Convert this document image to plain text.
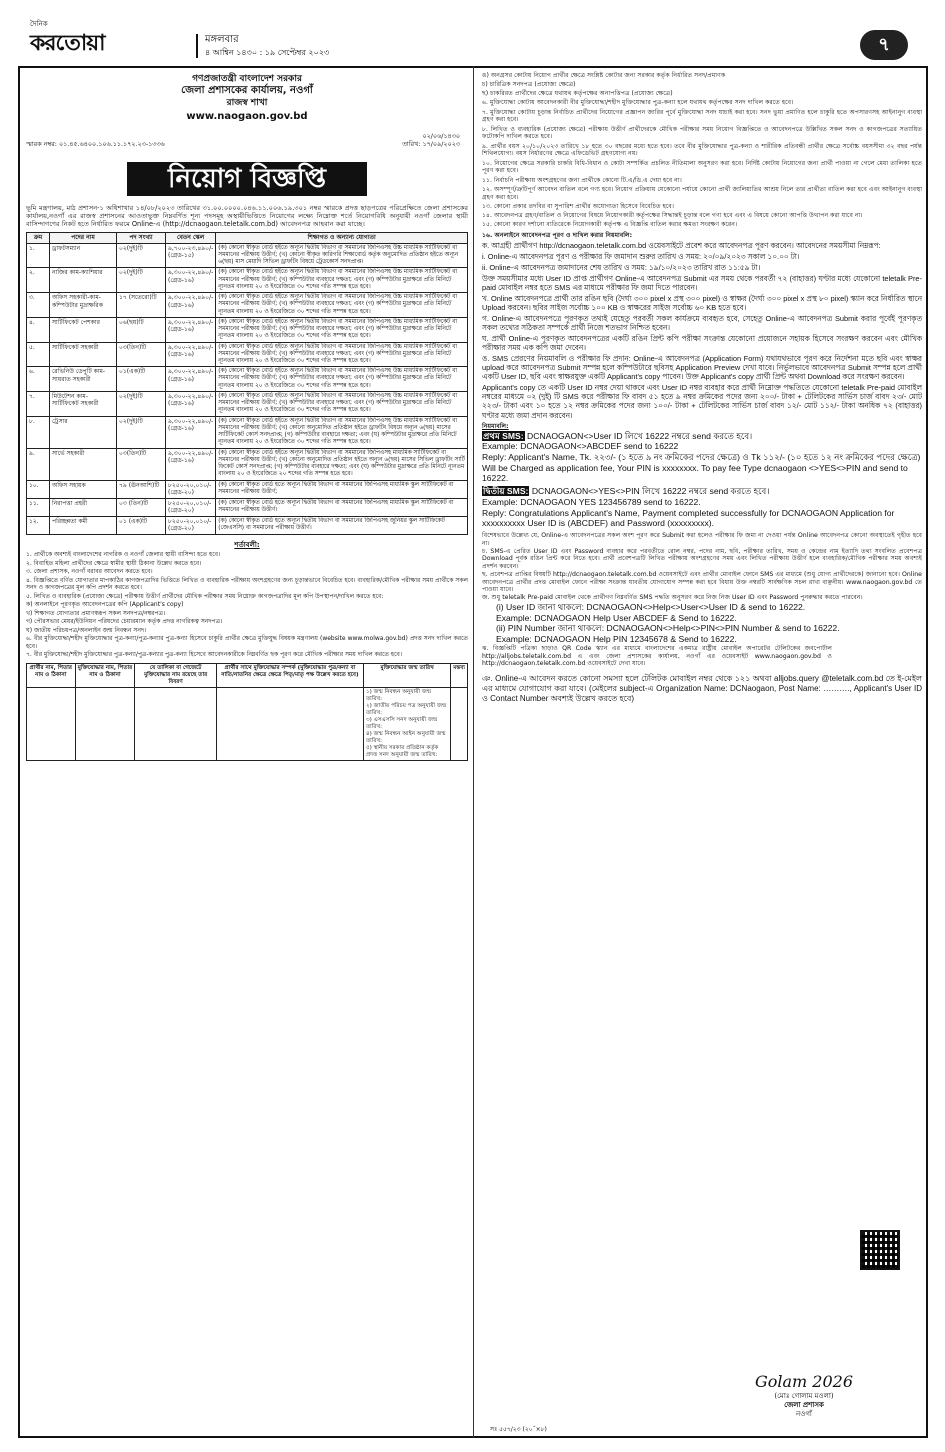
দৈনিক
করতোয়া	মঙ্গলবার
৪ আশ্বিন ১৪৩০ : ১৯ সেপ্টেম্বর ২০২৩	৭
গণপ্রজাতন্ত্রী বাংলাদেশ সরকার
জেলা প্রশাসকের কার্যালয়, নওগাঁ
রাজস্ব শাখা
www.naogaon.gov.bd
স্মারক নম্বর: ০১.৪৫.৬৪০০.১০৬.১১.১৭২.২৩-১৩৩৬
০২/০৬/১৪৩০
তারিখ: ১৭/০৯/২০২৩
নিয়োগ বিজ্ঞপ্তি
ভূমি মন্ত্রণালয়, মাঠ প্রশাসন-১ অধিশাখার ১৪/০৮/২০২৩ তারিখের ৩১.০০.০০০০.০৪৬.১১.০০৬.১৯.৩০১ নম্বর স্মারকে প্রদত্ত ছাড়পত্রের পরিপ্রেক্ষিতে জেলা প্রশাসকের কার্যালয়,নওগাঁ এর রাজস্ব প্রশাসনের আওতাভুক্ত নিম্নবর্ণিত শূন্য পদসমূহ অস্থায়ীভিত্তিতে নিয়োগের লক্ষ্যে নিম্নোক্ত শর্তে নিয়োগবিধি অনুযায়ী নওগাঁ জেলার স্থায়ী বাসিন্দাগণের নিকট হতে নির্ধারিত ফরমে Online-এ (http://dcnaogaon.teletalk.com.bd) আবেদনপত্র আহবান করা যাচ্ছে।
ক্রম	পদের নাম	পদ সংখ্যা	বেতন স্কেল	শিক্ষাগত ও অন্যান্য যোগ্যতা
১.	ড্রাফটসম্যান	০২(দুই)টি	৯,৭০০-২৩,৪৯০/- (গ্রেড-১৫)	(ক) কোনো স্বীকৃত বোর্ড হইতে অন্যূন দ্বিতীয় বিভাগ বা সমমানের জিপিএসহ উচ্চ মাধ্যমিক সার্টিফিকেট বা সমমানের পরীক্ষায় উত্তীর্ণ; (খ) কোনো স্বীকৃত কারিগরি শিক্ষাবোর্ড কর্তৃক অনুমোদিত প্রতিষ্ঠান হইতে অন্যূন ৬(ছয়) মাস মেয়াদি সিভিল ড্রাফটিং বিষয়ে ট্রেডকোর্স সনদপ্রাপ্ত।
২.	নাজির কাম-ক্যাশিয়ার	০২(দুই)টি	৯,৩০০-২২,৪৯০/- (গ্রেড-১৬)	(ক) কোনো স্বীকৃত বোর্ড হইতে অন্যূন দ্বিতীয় বিভাগ বা সমমানের জিপিএসহ উচ্চ মাধ্যমিক সার্টিফিকেট বা সমমানের পরীক্ষায় উত্তীর্ণ; (খ) কম্পিউটার ব্যবহারে দক্ষতা; এবং (গ) কম্পিউটার মুদ্রাক্ষরে প্রতি মিনিটে ন্যূনতম বাংলায় ২০ ও ইংরেজিতে ৩০ শব্দের গতি সম্পন্ন হতে হবে।
৩.	অফিস সহকারী-কাম-কম্পিউটার মুদ্রাক্ষরিক	১৭ (সতেরো)টি	৯,৩০০-২২,৪৯০/- (গ্রেড-১৬)	(ক) কোনো স্বীকৃত বোর্ড হইতে অন্যূন দ্বিতীয় বিভাগ বা সমমানের জিপিএসহ উচ্চ মাধ্যমিক সার্টিফিকেট বা সমমানের পরীক্ষায় উত্তীর্ণ; (খ) কম্পিউটার ব্যবহারে দক্ষতা; এবং (গ) কম্পিউটার মুদ্রাক্ষরে প্রতি মিনিটে ন্যূনতম বাংলায় ২০ ও ইংরেজিতে ৩০ শব্দের গতি সম্পন্ন হতে হবে।
৪.	সার্টিফিকেট পেশকার	০৬(ছয়)টি	৯,৩০০-২২,৪৯০/- (গ্রেড-১৬)	(ক) কোনো স্বীকৃত বোর্ড হইতে অন্যূন দ্বিতীয় বিভাগ বা সমমানের জিপিএসহ উচ্চ মাধ্যমিক সার্টিফিকেট বা সমমানের পরীক্ষায় উত্তীর্ণ; (খ) কম্পিউটার ব্যবহারে দক্ষতা; এবং (গ) কম্পিউটার মুদ্রাক্ষরে প্রতি মিনিটে ন্যূনতম বাংলায় ২০ ও ইংরেজিতে ৩০ শব্দের গতি সম্পন্ন হতে হবে।
৫.	সার্টিফিকেট সহকারী	০৩(তিন)টি	৯,৩০০-২২,৪৯০/- (গ্রেড-১৬)	(ক) কোনো স্বীকৃত বোর্ড হইতে অন্যূন দ্বিতীয় বিভাগ বা সমমানের জিপিএসহ উচ্চ মাধ্যমিক সার্টিফিকেট বা সমমানের পরীক্ষায় উত্তীর্ণ; (খ) কম্পিউটার ব্যবহারে দক্ষতা; এবং (গ) কম্পিউটার মুদ্রাক্ষরে প্রতি মিনিটে ন্যূনতম বাংলায় ২০ ও ইংরেজিতে ৩০ শব্দের গতি সম্পন্ন হতে হবে।
৬.	রেভিনিউ ডেপুটি কাম-সায়রাত সহকারী	০১(এক)টি	৯,৩০০-২২,৪৯০/- (গ্রেড-১৬)	(ক) কোনো স্বীকৃত বোর্ড হইতে অন্যূন দ্বিতীয় বিভাগ বা সমমানের জিপিএসহ উচ্চ মাধ্যমিক সার্টিফিকেট বা সমমানের পরীক্ষায় উত্তীর্ণ; (খ) কম্পিউটার ব্যবহারে দক্ষতা; এবং (গ) কম্পিউটার মুদ্রাক্ষরে প্রতি মিনিটে ন্যূনতম বাংলায় ২০ ও ইংরেজিতে ৩০ শব্দের গতি সম্পন্ন হতে হবে।
৭.	মিউটেশন কাম-সার্টিফিকেট সহকারী	০২(দুই)টি	৯,৩০০-২২,৪৯০/- (গ্রেড-১৬)	(ক) কোনো স্বীকৃত বোর্ড হইতে অন্যূন দ্বিতীয় বিভাগ বা সমমানের জিপিএসহ উচ্চ মাধ্যমিক সার্টিফিকেট বা সমমানের পরীক্ষায় উত্তীর্ণ; (খ) কম্পিউটার ব্যবহারে দক্ষতা; এবং (গ) কম্পিউটার মুদ্রাক্ষরে প্রতি মিনিটে ন্যূনতম বাংলায় ২০ ও ইংরেজিতে ৩০ শব্দের গতি সম্পন্ন হতে হবে।
৮.	ট্রেসার	০২(দুই)টি	৯,৩০০-২২,৪৯০/- (গ্রেড-১৬)	(ক) কোনো স্বীকৃত বোর্ড হইতে অন্যূন দ্বিতীয় বিভাগ বা সমমানের জিপিএসহ উচ্চ মাধ্যমিক সার্টিফিকেট বা সমমানের পরীক্ষায় উত্তীর্ণ; (খ) কোনো অনুমোদিত প্রতিষ্ঠান হইতে ড্রাফটিং বিষয়ে অন্যূন ৬(ছয়) মাসের সার্টিফিকেট কোর্স সনদপ্রাপ্ত; (গ) কম্পিউটার ব্যবহারে দক্ষতা; এবং (ঘ) কম্পিউটার মুদ্রাক্ষরে প্রতি মিনিটে ন্যূনতম বাংলায় ২০ ও ইংরেজিতে ৩০ শব্দের গতি সম্পন্ন হতে হবে।
৯.	সার্ভে সহকারী	০৩(তিন)টি	৯,৩০০-২২,৪৯০/- (গ্রেড-১৬)	(ক) কোনো স্বীকৃত বোর্ড হইতে অন্যূন দ্বিতীয় বিভাগ বা সমমানের জিপিএসহ মাধ্যমিক সার্টিফিকেট বা সমমানের পরীক্ষায় উত্তীর্ণ; (খ) কোনো অনুমোদিত প্রতিষ্ঠান হইতে অন্যূন ৬(ছয়) মাসের সিভিল ড্রাফটিং সার্টি ফিকেট কোর্স সনদপ্রাপ্ত; (গ) কম্পিউটার ব্যবহারে দক্ষতা; এবং (ঘ) কম্পিউটার মুদ্রাক্ষরে প্রতি মিনিটে ন্যূনতম বাংলায় ২০ ও ইংরেজিতে ২০ শব্দের গতি সম্পন্ন হতে হবে।
১০.	অফিস সহায়ক	৭৯ (ঊনআশি)টি	৮২৫০-২০,০১০/- (গ্রেড-২০)	(ক) কোনো স্বীকৃত বোর্ড হতে অন্যূন দ্বিতীয় বিভাগ বা সমমানের জিপিএসহ মাধ্যমিক স্কুল সার্টিফিকেট বা সমমানের পরীক্ষায় উত্তীর্ণ;
১১.	নিরাপত্তা প্রহরী	০৩ (তিন)টি	৮২৫০-২০,০১০/- (গ্রেড-২০)	(ক) কোনো স্বীকৃত বোর্ড হতে অন্যূন দ্বিতীয় বিভাগ বা সমমানের জিপিএসহ মাধ্যমিক স্কুল সার্টিফিকেট বা সমমানের পরীক্ষায় উত্তীর্ণ।
১২.	পরিচ্ছন্নতা কর্মী	০১ (এক)টি	৮২৫০-২০,০১০/- (গ্রেড-২০)	(ক) কোনো স্বীকৃত বোর্ড হতে অন্যূন দ্বিতীয় বিভাগ বা সমমানের জিপিএসহ জুনিয়র স্কুল সার্টিফিকেট (জেএসসি) বা সমমানের পরীক্ষায় উত্তীর্ণ।
শর্তাবলী:
১. প্রার্থীকে অবশ্যই বাংলাদেশের নাগরিক ও নওগাঁ জেলার স্থায়ী বাসিন্দা হতে হবে।
২. বিবাহিত মহিলা প্রার্থীদের ক্ষেত্রে স্বামীর স্থায়ী ঠিকানা উল্লেখ করতে হবে।
৩. জেলা প্রশাসক, নওগাঁ বরাবর আবেদন করতে হবে।
৪. বিজ্ঞপ্তিতে বর্ণিত যোগ্যতার মাপকাঠির কাগজপত্রাদির ভিত্তিতে লিখিত ও ব্যবহারিক পরীক্ষায় অংশগ্রহণের জন্য চূড়ান্তভাবে বিবেচিত হবে। ব্যবহারিক/মৌখিক পরীক্ষার সময় প্রার্থীকে সকল সনদ ও কাগজপত্রের মূল কপি প্রদর্শন করতে হবে।
৫. লিখিত ও ব্যবহারিক (প্রযোজ্য ক্ষেত্রে) পরীক্ষায় উত্তীর্ণ প্রার্থীদের মৌখিক পরীক্ষার সময় নিম্নোক্ত কাগজপত্রাদির মূল কপি উপস্থাপন/দাখিল করতে হবে:
ক) অনলাইনে পূরণকৃত আবেদনপত্রের কপি (Applicant's copy)
খ) শিক্ষাগত যোগ্যতার প্রমাণস্বরূপ সকল সনদপত্র/নম্বরপত্র।
গ) পৌরসভার মেয়র/ইউনিয়ন পরিষদের চেয়ারম্যান কর্তৃক প্রদত্ত নাগরিকত্ব সনদপত্র।
ঘ) জাতীয় পরিচয়পত্র/অনলাইন জন্ম নিবন্ধন সনদ।
৬. বীর মুক্তিযোদ্ধা/শহীদ মুক্তিযোদ্ধার পুত্র-কন্যা/পুত্র-কন্যার পুত্র-কন্যা হিসেবে চাকুরি প্রার্থীর ক্ষেত্রে মুক্তিযুদ্ধ বিষয়ক মন্ত্রণালয় (website www.molwa.gov.bd) প্রদত্ত সনদ দাখিল করতে হবে।
৭. বীর মুক্তিযোদ্ধা/শহীদ মুক্তিযোদ্ধার পুত্র-কন্যা/পুত্র-কন্যার পুত্র-কন্যা হিসেবে আবেদনকারীকে নিম্নবর্ণিত ছক পূরণ করে মৌখিক পরীক্ষার সময় দাখিল করতে হবে।
প্রার্থীর নাম, পিতার নাম ও ঠিকানা	মুক্তিযোদ্ধার নাম, পিতার নাম ও ঠিকানা	যে তালিকা বা গেজেটে মুক্তিযোদ্ধার নাম রয়েছে তার বিবরণ	প্রার্থীর সাথে মুক্তিযোদ্ধার সম্পর্ক (মুক্তিযোদ্ধার পুত্র/কন্যা বা নাতি/নাতনির ক্ষেত্রে ক্ষেত্রে পিতৃ/মাতৃ পক্ষ উল্লেখ করতে হবে)	মুক্তিযোদ্ধার জন্ম তারিখ	মন্তব্য

				১) জন্ম নিবন্ধন অনুযায়ী জন্ম তারিখ:
২) জাতীয় পরিচয় পত্র অনুযায়ী জন্ম তারিখ:
৩) এসএসসি সনদ অনুযায়ী জন্ম তারিখ:
৪) জন্ম নিবন্ধন আইন অনুযায়ী জন্ম তারিখ:
৫) স্থানীয় সরকার প্রতিষ্ঠান কর্তৃক প্রদত্ত সনদ অনুযায়ী জন্ম তারিখ:	

ঙ) অনগ্রসর কোটায় নিয়োগ প্রার্থীর ক্ষেত্রে সংশ্লিষ্ট কোটার জন্য সরকার কর্তৃক নির্ধারিত সনদ/প্রমাণক
চ) চারিত্রিক সনদপত্র (প্রযোজ্য ক্ষেত্রে)
ছ) চাকরিরত প্রার্থীদের ক্ষেত্রে যথাযথ কর্তৃপক্ষের অনাপত্তিপত্র (প্রযোজ্য ক্ষেত্রে)
৬. মুক্তিযোদ্ধা কোটায় আবেদনকারী বীর মুক্তিযোদ্ধা/শহীদ মুক্তিযোদ্ধার পুত্র-কন্যা হলে যথাযথ কর্তৃপক্ষের সনদ দাখিল করতে হবে।
৭. মুক্তিযোদ্ধা কোটায় চূড়ান্ত নির্বাচিত প্রার্থীদের নিয়োগের প্রজ্ঞাপন জারির পূর্বে মুক্তিযোদ্ধা সনদ যাচাই করা হবে। সনদ ভুয়া প্রমাণিত হলে চাকুরি হতে অপসারণসহ আইনানুগ ব্যবস্থা গ্রহণ করা হবে।
৮. লিখিত ও ব্যবহারিক (প্রযোজ্য ক্ষেত্রে) পরীক্ষায় উত্তীর্ণ প্রার্থীদেরকে মৌখিক পরীক্ষার সময় নিয়োগ বিজ্ঞপ্তিতে ও আবেদনপত্রে উল্লিখিত সকল সনদ ও কাগজপত্রের সত্যায়িত ফটোকপি দাখিল করতে হবে।
৯. প্রার্থীর বয়স ২০/১০/২০২৩ তারিখে ১৮ হতে ৩০ বছরের মধ্যে হতে হবে। তবে বীর মুক্তিযোদ্ধার পুত্র-কন্যা ও শারীরিক প্রতিবন্ধী প্রার্থীর ক্ষেত্রে সর্বোচ্চ বয়সসীমা ৩২ বছর পর্যন্ত শিথিলযোগ্য। বয়স নির্ধারণের ক্ষেত্রে এফিডেভিট গ্রহণযোগ্য নয়।
১০. নিয়োগের ক্ষেত্রে সরকারি চাকরি বিধি-বিধান ও কোটা সম্পর্কিত প্রচলিত নীতিমালা অনুসরণ করা হবে। নির্দিষ্ট কোটায় নিয়োগের জন্য প্রার্থী পাওয়া না গেলে মেধা তালিকা হতে পূরণ করা হবে।
১১. নির্বাচনি পরীক্ষায় অংশগ্রহণের জন্য প্রার্থীকে কোনো টি.এ/ডি.এ দেয়া হবে না।
১২. অসম্পূর্ণ/ত্রুটিপূর্ণ আবেদন বাতিল বলে গণ্য হবে। নিয়োগ প্রক্রিয়ায় যেকোনো পর্যায়ে কোনো প্রার্থী জালিয়াতির আশ্রয় নিলে তার প্রার্থীতা বাতিল করা হবে এবং আইনানুগ ব্যবস্থা গ্রহণ করা হবে।
১৩. কোনো প্রকার তদবির বা সুপারিশ প্রার্থীর অযোগ্যতা হিসেবে বিবেচিত হবে।
১৪. আবেদনপত্র গ্রহণ/বাতিল ও নিয়োগের বিষয়ে নিয়োগকারী কর্তৃপক্ষের সিদ্ধান্তই চূড়ান্ত বলে গণ্য হবে এবং এ বিষয়ে কোনো আপত্তি উত্থাপন করা যাবে না।
১৫. কোনো কারণ দর্শানো ব্যতিরেকে নিয়োগকারী কর্তৃপক্ষ এ বিজ্ঞপ্তি বাতিল করার ক্ষমতা সংরক্ষণ করেন।
১৬. অনলাইনে আবেদনপত্র পূরণ ও দাখিল করার নিয়মাবলি:
ক. আগ্রহী প্রার্থীগণ http://dcnaogaon.teletalk.com.bd ওয়েবসাইটে প্রবেশ করে আবেদনপত্র পূরণ করবেন। আবেদনের সময়সীমা নিম্নরূপ:
i. Online-এ আবেদনপত্র পূরণ ও পরীক্ষার ফি জমাদান শুরুর তারিখ ও সময়: ২০/০৯/২০২৩ সকাল ১০.০০ টা।
ii. Online-এ আবেদনপত্র জমাদানের শেষ তারিখ ও সময়: ১৯/১০/২০২৩ তারিখ রাত ১১:৫৯ টা।
উক্ত সময়সীমার মধ্যে User ID প্রাপ্ত প্রার্থীগণ Online-এ আবেদনপত্র Submit এর সময় থেকে পরবর্তী ৭২ (বাহাত্তর) ঘণ্টার মধ্যে যেকোনো teletalk Pre-paid মোবাইল নম্বর হতে SMS এর মাধ্যমে পরীক্ষার ফি জমা দিতে পারবেন।
খ. Online আবেদনপত্রে প্রার্থী তার রঙিন ছবি (দৈর্ঘ্য ৩০০ pixel x প্রস্থ ৩০০ pixel) ও স্বাক্ষর (দৈর্ঘ্য ৩০০ pixel x প্রস্থ ৮০ pixel) স্ক্যান করে নির্ধারিত স্থানে Upload করবেন। ছবির সাইজ সর্বোচ্চ ১০০ KB ও স্বাক্ষরের সাইজ সর্বোচ্চ ৬০ KB হতে হবে।
গ. Online-এ আবেদনপত্রে পূরণকৃত তথ্যই যেহেতু পরবর্তী সকল কার্যক্রমে ব্যবহৃত হবে, সেহেতু Online-এ আবেদনপত্র Submit করার পূর্বেই পূরণকৃত সকল তথ্যের সঠিকতা সম্পর্কে প্রার্থী নিজে শতভাগ নিশ্চিত হবেন।
ঘ. প্রার্থী Online-এ পূরণকৃত আবেদনপত্রের একটি রঙিন প্রিন্ট কপি পরীক্ষা সংক্রান্ত যেকোনো প্রয়োজনে সহায়ক হিসেবে সংরক্ষণ করবেন এবং মৌখিক পরীক্ষার সময় এক কপি জমা দেবেন।
ঙ. SMS প্রেরণের নিয়মাবলি ও পরীক্ষার ফি প্রদান: Online-এ আবেদনপত্র (Application Form) যথাযথভাবে পূরণ করে নির্দেশনা মতে ছবি এবং স্বাক্ষর upload করে আবেদনপত্র Submit সম্পন্ন হলে কম্পিউটারে ছবিসহ Application Preview দেখা যাবে। নির্ভুলভাবে আবেদনপত্র Submit সম্পন্ন হলে প্রার্থী একটি User ID, ছবি এবং স্বাক্ষরযুক্ত একটি Applicant's copy পাবেন। উক্ত Applicant's copy প্রার্থী প্রিন্ট অথবা Download করে সংরক্ষণ করবেন।
Applicant's copy তে একটি User ID নম্বর দেয়া থাকবে এবং User ID নম্বর ব্যবহার করে প্রার্থী নিম্নোক্ত পদ্ধতিতে যেকোনো teletalk Pre-paid মোবাইল নম্বরের মাধ্যমে ০২ (দুই) টি SMS করে পরীক্ষার ফি বাবদ ৫১ হতে ৯ নম্বর ক্রমিকের পদের জন্য ২০০/- টাকা + টেলিটকের সার্ভিস চার্জ বাবদ ২৩/- মোট ২২৩/- টাকা এবং ১০ হতে ১২ নম্বর ক্রমিকের পদের জন্য ১০০/- টাকা + টেলিটকের সার্ভিস চার্জ বাবদ ১২/- মোট ১১২/- টাকা অনধিক ৭২ (বাহাত্তর) ঘণ্টার মধ্যে জমা প্রদান করবেন।
নিয়মাবলি:
প্রথম SMS: DCNAOGAON<>User ID লিখে 16222 নম্বরে send করতে হবে।
Example: DCNAOGAON<>ABCDEF send to 16222
Reply: Applicant's Name, Tk. ২২৩/- (১ হতে ৯ নং ক্রমিকের পদের ক্ষেত্রে) ও Tk ১১২/- (১০ হতে ১২ নং ক্রমিকের পদের ক্ষেত্রে) Will be Charged as application fee, Your PIN is xxxxxxxx. To pay fee Type dcnaogaon <>YES<>PIN and send to 16222.
দ্বিতীয় SMS: DCNAOGAON<>YES<>PIN লিখে 16222 নম্বরে send করতে হবে।
Example: DCNAOGAON YES 123456789 send to 16222.
Reply: Congratulations Applicant's Name, Payment completed successfully for DCNAOGAON Application for xxxxxxxxxx User ID is (ABCDEF) and Password (xxxxxxxxx).
বিশেষভাবে উল্লেখ্য যে, Online-এ আবেদনপত্রের সকল অংশ পূরণ করে Submit করা হলেও পরীক্ষার ফি জমা না দেওয়া পর্যন্ত Online আবেদনপত্র কোনো অবস্থাতেই গৃহীত হবে না।
চ. SMS-এ প্রেরিত User ID এবং Password ব্যবহার করে পরবর্তীতে রোল নম্বর, পদের নাম, ছবি, পরীক্ষার তারিখ, সময় ও কেন্দ্রের নাম ইত্যাদি তথ্য সংবলিত প্রবেশপত্র Download পূর্বক রঙিন প্রিন্ট করে নিতে হবে। প্রার্থী প্রবেশপত্রটি লিখিত পরীক্ষায় অংশগ্রহণের সময় এবং লিখিত পরীক্ষায় উত্তীর্ণ হলে ব্যবহারিক/মৌখিক পরীক্ষার সময় অবশ্যই প্রদর্শন করবেন।
ছ. প্রবেশপত্র প্রাপ্তির বিষয়টি http://dcnaogaon.teletalk.com.bd ওয়েবসাইটে এবং প্রার্থীর মোবাইল ফোনে SMS এর মাধ্যমে (শুধু যোগ্য প্রার্থীদেরকে) জানানো হবে। Online আবেদনপত্রে প্রার্থীর প্রদত্ত মোবাইল ফোনে পরীক্ষা সংক্রান্ত যাবতীয় যোগাযোগ সম্পন্ন করা হবে বিধায় উক্ত নম্বরটি সার্বক্ষণিক সচল রাখা বাঞ্ছনীয়। www.naogaon.gov.bd তে পাওয়া যাবে।
জ. শুধু teletalk Pre-paid মোবাইল থেকে প্রার্থীগণ নিম্নবর্ণিত SMS পদ্ধতি অনুসরণ করে নিজ নিজ User ID এবং Password পুনরুদ্ধার করতে পারবেন।
(i) User ID জানা থাকলে: DCNAOGAON<>Help<>User<>User ID & send to 16222.
Example: DCNAOGAON Help User ABCDEF & Send to 16222.
(ii) PIN Number জানা থাকলে: DCNAOGAON<>Help<>PIN<>PIN Number & send to 16222.
Example: DCNAOGAON Help PIN 12345678 & Send to 16222.
ঝ. বিজ্ঞপ্তিটি পত্রিকা ছাড়াও QR Code স্ক্যান এর মাধ্যমে বাংলাদেশের একমাত্র রাষ্ট্রীয় মোবাইল অপারেটর টেলিটকের জবপোর্টাল http://alljobs.teletalk.com.bd এ এবং জেলা প্রশাসকের কার্যালয়, নওগাঁ এর ওয়েবসাইট www.naogaon.gov.bd ও http://dcnaogaon.teletalk.com.bd ওয়েবসাইটে দেখা যাবে।
ঞ. Online-এ আবেদন করতে কোনো সমস্যা হলে টেলিটক মোবাইল নম্বর থেকে ১২১ অথবা alljobs.query @teletalk.com.bd তে ই-মেইল এর মাধ্যমে যোগাযোগ করা যাবে। (মেইলের subject-এ Organization Name: DCNaogaon, Post Name: ………., Applicant's User ID ও Contact Number অবশ্যই উল্লেখ করতে হবে)
Golam 2026
(মোঃ গোলাম মওলা)
জেলা প্রশাসক
নওগাঁ
সঃ ৫৫৭/২৩ (২০˝×৮)
